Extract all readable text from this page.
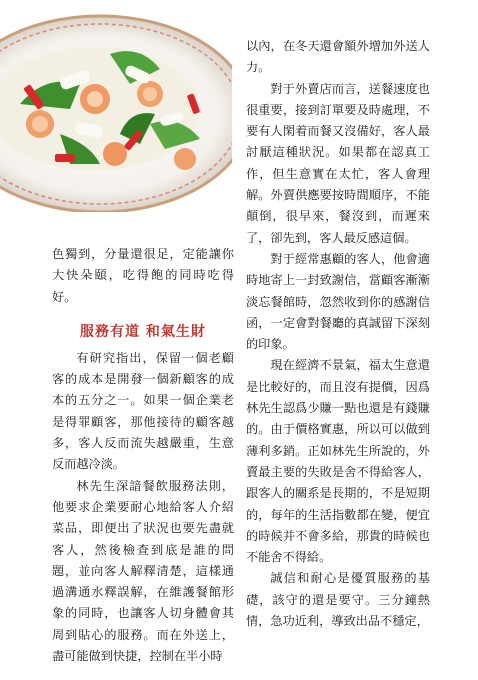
色獨到，分量還很足，定能讓你大快朵頤，吃得飽的同時吃得好。

服務有道 和氣生財

有研究指出，保留一個老顧客的成本是開發一個新顧客的成本的五分之一。如果一個企業老是得罪顧客，那他接待的顧客越多，客人反而流失越嚴重，生意反而越冷淡。

林先生深諳餐飲服務法則，他要求企業要耐心地給客人介紹菜品，即便出了狀況也要先盡就客人，然後檢查到底是誰的問題，並向客人解釋清楚，這樣通過溝通水釋誤解，在維護餐館形象的同時，也讓客人切身體會其周到貼心的服務。而在外送上，盡可能做到快捷，控制在半小時

以內，在冬天還會額外增加外送人力。

對于外賣店而言，送餐速度也很重要，接到訂單要及時處理，不要有人閑着而餐又沒備好，客人最討厭這種狀況。如果都在認真工作，但生意實在太忙，客人會理解。外賣供應要按時間順序，不能顛倒，很早來，餐沒到，而遲來了，卻先到，客人最反感這個。

對于經常惠顧的客人，他會適時地寄上一封致謝信，當顧客漸漸淡忘餐館時，忽然收到你的感謝信函，一定會對餐廳的真誠留下深刻的印象。

現在經濟不景氣，福太生意還是比較好的，而且沒有提價，因爲林先生認爲少賺一點也還是有錢賺的。由于價格實惠，所以可以做到薄利多銷。正如林先生所說的，外賣最主要的失敗是舍不得給客人，跟客人的關系是長期的，不是短期的，每年的生活指數都在變，便宜的時候并不會多給，那貴的時候也不能舍不得給。

誠信和耐心是優質服務的基礎，該守的還是要守。三分鐘熱情，急功近利，導致出品不穩定，
